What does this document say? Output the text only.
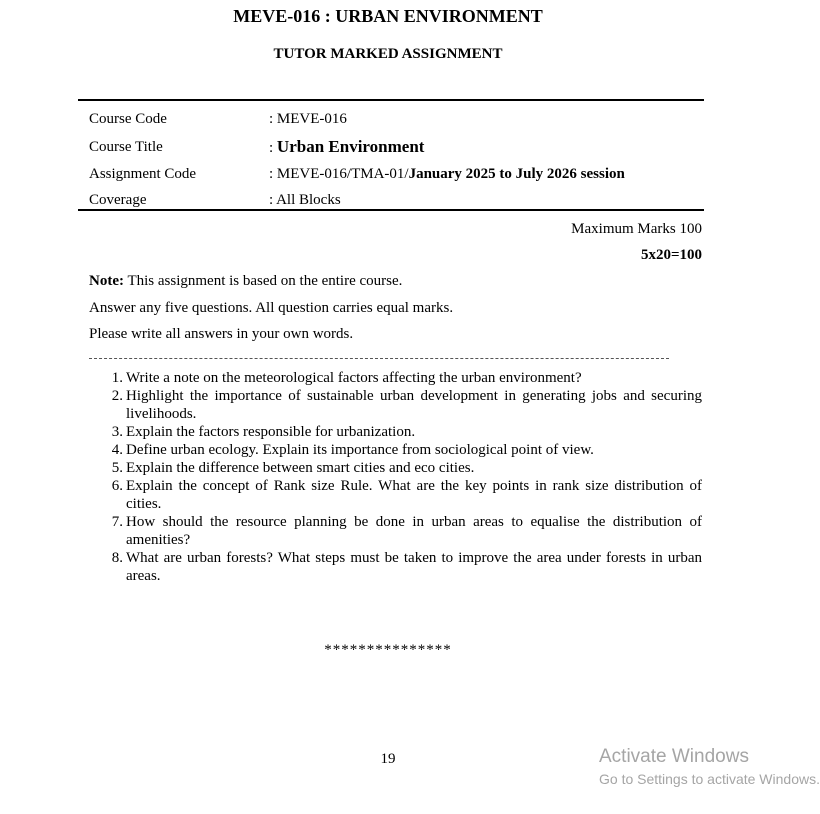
MEVE-016 : URBAN ENVIRONMENT
TUTOR MARKED ASSIGNMENT
Course Code	: MEVE-016
Course Title	: Urban Environment
Assignment Code	: MEVE-016/TMA-01/January 2025 to July 2026 session
Coverage	: All Blocks
Maximum Marks 100
5x20=100
Note: This assignment is based on the entire course.
Answer any five questions. All question carries equal marks.
Please write all answers in your own words.
1. Write a note on the meteorological factors affecting the urban environment?
2. Highlight the importance of sustainable urban development in generating jobs and securing livelihoods.
3. Explain the factors responsible for urbanization.
4. Define urban ecology. Explain its importance from sociological point of view.
5. Explain the difference between smart cities and eco cities.
6. Explain the concept of Rank size Rule. What are the key points in rank size distribution of cities.
7. How should the resource planning be done in urban areas to equalise the distribution of amenities?
8. What are urban forests? What steps must be taken to improve the area under forests in urban areas.
***************
19	Activate Windows
Go to Settings to activate Windows.
